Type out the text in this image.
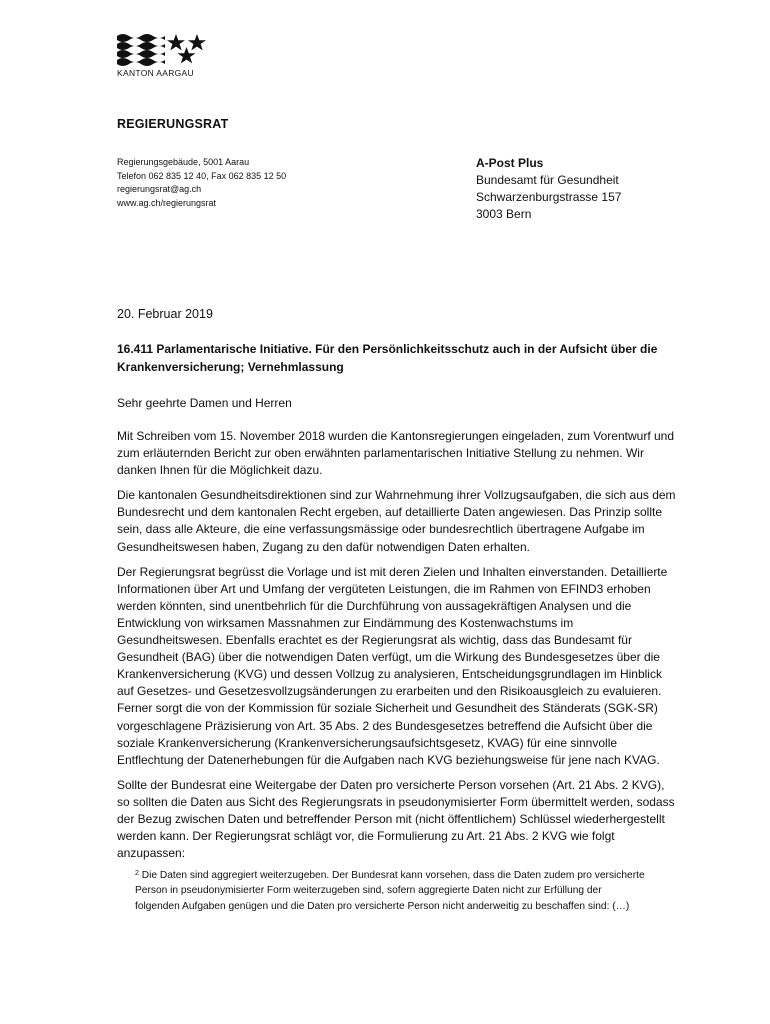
KANTON AARGAU
REGIERUNGSRAT
Regierungsgebäude, 5001 Aarau
Telefon 062 835 12 40, Fax 062 835 12 50
regierungsrat@ag.ch
www.ag.ch/regierungsrat
A-Post Plus
Bundesamt für Gesundheit
Schwarzenburgstrasse 157
3003 Bern
20. Februar 2019
16.411 Parlamentarische Initiative. Für den Persönlichkeitsschutz auch in der Aufsicht über die Krankenversicherung; Vernehmlassung
Sehr geehrte Damen und Herren

Mit Schreiben vom 15. November 2018 wurden die Kantonsregierungen eingeladen, zum Vorentwurf und zum erläuternden Bericht zur oben erwähnten parlamentarischen Initiative Stellung zu nehmen. Wir danken Ihnen für die Möglichkeit dazu.

Die kantonalen Gesundheitsdirektionen sind zur Wahrnehmung ihrer Vollzugsaufgaben, die sich aus dem Bundesrecht und dem kantonalen Recht ergeben, auf detaillierte Daten angewiesen. Das Prinzip sollte sein, dass alle Akteure, die eine verfassungsmässige oder bundesrechtlich übertragene Aufgabe im Gesundheitswesen haben, Zugang zu den dafür notwendigen Daten erhalten.

Der Regierungsrat begrüsst die Vorlage und ist mit deren Zielen und Inhalten einverstanden. Detaillierte Informationen über Art und Umfang der vergüteten Leistungen, die im Rahmen von EFIND3 erhoben werden könnten, sind unentbehrlich für die Durchführung von aussagekräftigen Analysen und die Entwicklung von wirksamen Massnahmen zur Eindämmung des Kostenwachstums im Gesundheitswesen. Ebenfalls erachtet es der Regierungsrat als wichtig, dass das Bundesamt für Gesundheit (BAG) über die notwendigen Daten verfügt, um die Wirkung des Bundesgesetzes über die Krankenversicherung (KVG) und dessen Vollzug zu analysieren, Entscheidungsgrundlagen im Hinblick auf Gesetzes- und Gesetzesvollzugsänderungen zu erarbeiten und den Risikoausgleich zu evaluieren. Ferner sorgt die von der Kommission für soziale Sicherheit und Gesundheit des Ständerats (SGK-SR) vorgeschlagene Präzisierung von Art. 35 Abs. 2 des Bundesgesetzes betreffend die Aufsicht über die soziale Krankenversicherung (Krankenversicherungsaufsichtsgesetz, KVAG) für eine sinnvolle Entflechtung der Datenerhebungen für die Aufgaben nach KVG beziehungsweise für jene nach KVAG.

Sollte der Bundesrat eine Weitergabe der Daten pro versicherte Person vorsehen (Art. 21 Abs. 2 KVG), so sollten die Daten aus Sicht des Regierungsrats in pseudonymisierter Form übermittelt werden, sodass der Bezug zwischen Daten und betreffender Person mit (nicht öffentlichem) Schlüssel wiederhergestellt werden kann. Der Regierungsrat schlägt vor, die Formulierung zu Art. 21 Abs. 2 KVG wie folgt anzupassen:

$^2$ Die Daten sind aggregiert weiterzugeben. Der Bundesrat kann vorsehen, dass die Daten zudem pro versicherte Person in pseudonymisierter Form weiterzugeben sind, sofern aggregierte Daten nicht zur Erfüllung der folgenden Aufgaben genügen und die Daten pro versicherte Person nicht anderweitig zu beschaffen sind: (…)
